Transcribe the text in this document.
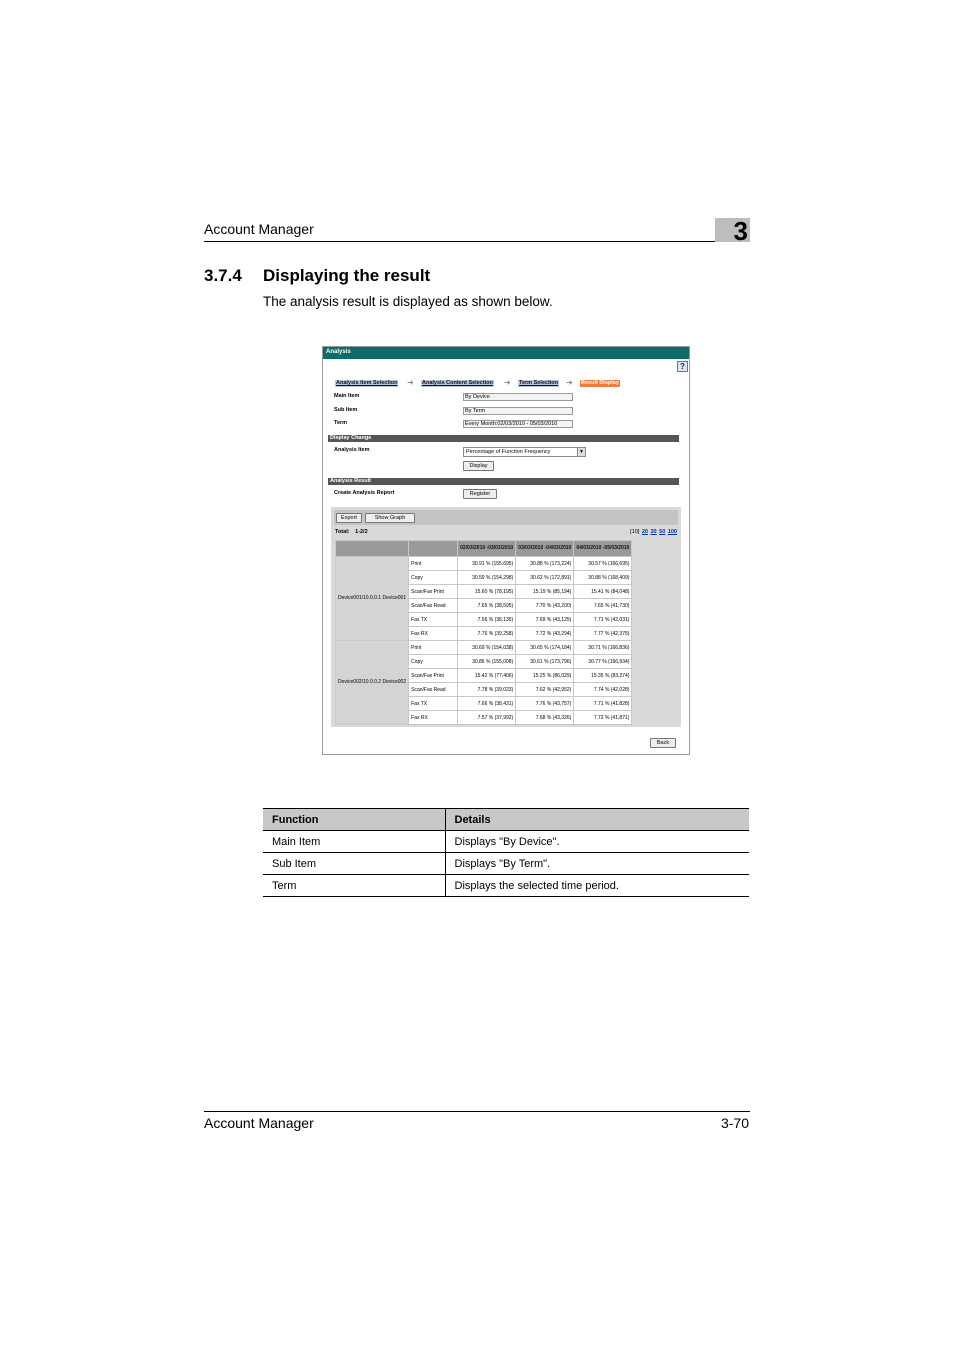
Account Manager	3
3.7.4 Displaying the result
The analysis result is displayed as shown below.
Analysis
?
Analysis Item Selection ➜ Analysis Content Selection ➜ Term Selection ➜ Result Display
Main Item	By Device
Sub Item	By Term
Term	Every Month:02/03/2010 - 05/03/2010
Display Change
Analysis Item	Percentage of Function Frequency	▼
Display
Analysis Result
Create Analysis Report	Register
Export	Show Graph
Total: 1-2/2	[10] 20 30 50 100
		02/03/2010 -03/03/2010	03/03/2010 -04/03/2010	04/03/2010 -05/03/2010
Device001/10.0.0.1 Device001	Print	30.91 % (155,695)	30.88 % (173,224)	30.57 % (166,695)
	Copy	30.59 % (154,298)	30.62 % (172,891)	30.88 % (168,409)
	Scan/Fax Print	15.60 % (78,195)	15.19 % (85,194)	15.41 % (84,048)
	Scan/Fax Read	7.65 % (38,595)	7.70 % (43,200)	7.65 % (41,730)
	Fax TX	7.56 % (38,135)	7.69 % (43,125)	7.71 % (42,031)
	Fax RX	7.76 % (39,258)	7.72 % (43,294)	7.77 % (42,375)
Device002/10.0.0.2 Device002	Print	30.69 % (154,038)	30.65 % (174,184)	30.71 % (166,836)
	Copy	30.86 % (155,008)	30.61 % (173,796)	30.77 % (166,934)
	Scan/Fax Print	15.42 % (77,406)	15.25 % (86,029)	15.35 % (83,274)
	Scan/Fax Read	7.78 % (39,023)	7.62 % (42,952)	7.74 % (42,028)
	Fax TX	7.66 % (38,431)	7.76 % (43,757)	7.71 % (41,828)
	Fax RX	7.57 % (37,992)	7.68 % (43,326)	7.72 % (41,871)
Back
Function	Details
Main Item	Displays "By Device".
Sub Item	Displays "By Term".
Term	Displays the selected time period.
Account Manager	3-70
